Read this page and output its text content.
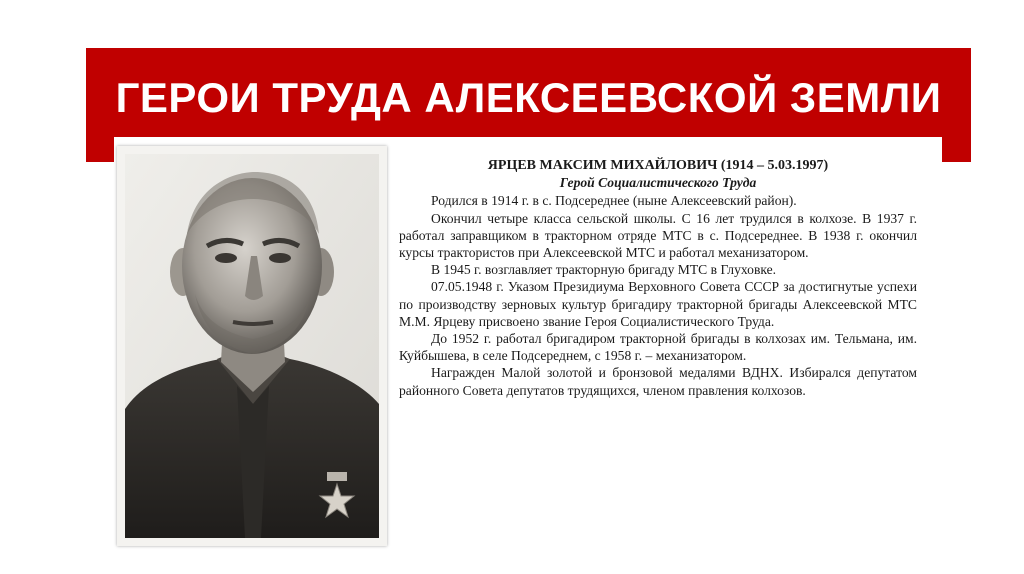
ГЕРОИ ТРУДА АЛЕКСЕЕВСКОЙ ЗЕМЛИ
ЯРЦЕВ МАКСИМ МИХАЙЛОВИЧ (1914 – 5.03.1997)
Герой Социалистического Труда

Родился в 1914 г. в с. Подсереднее (ныне Алексеевский район).

Окончил четыре класса сельской школы. С 16 лет трудился в колхозе. В 1937 г. работал заправщиком в тракторном отряде МТС в с. Подсереднее. В 1938 г. окончил курсы трактористов при Алексеевской МТС и работал механизатором.

В 1945 г. возглавляет тракторную бригаду МТС в Глуховке.

07.05.1948 г. Указом Президиума Верховного Совета СССР за достигнутые успехи по производству зерновых культур бригадиру тракторной бригады Алексеевской МТС М.М. Ярцеву присвоено звание Героя Социалистического Труда.

До 1952 г. работал бригадиром тракторной бригады в колхозах им. Тельмана, им. Куйбышева, в селе Подсереднем, с 1958 г. – механизатором.

Награжден Малой золотой и бронзовой медалями ВДНХ. Избирался депутатом районного Совета депутатов трудящихся, членом правления колхозов.
